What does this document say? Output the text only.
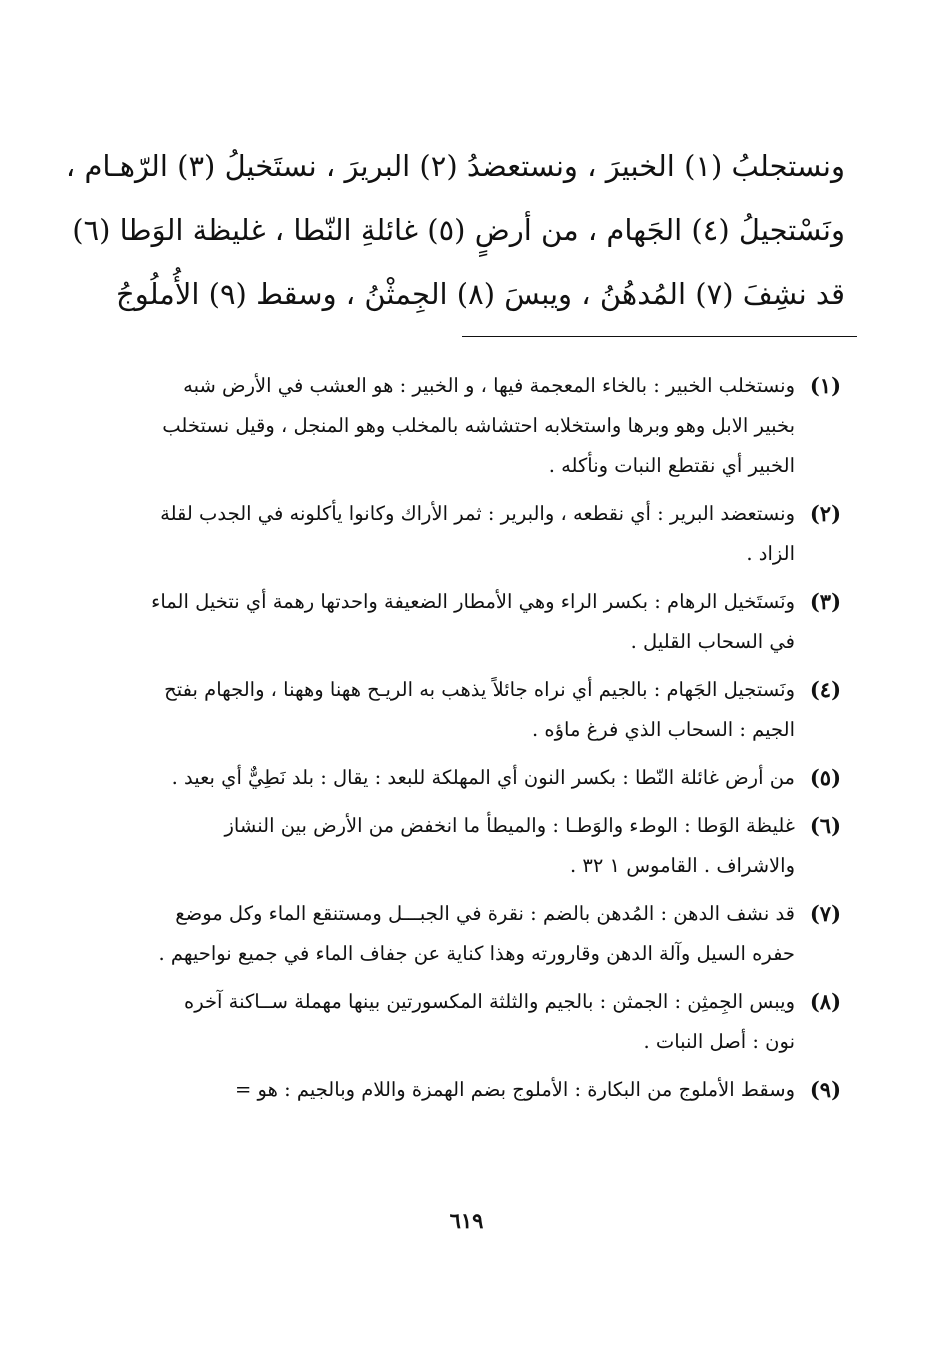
ونستجلبُ (١) الخبيرَ ، ونستعضدُ (٢) البريرَ ، نستَخيلُ (٣) الرّهـام ،
ونَسْتجيلُ (٤) الجَهام ، من أرضٍ (٥) غائلةِ النّطا ، غليظة الوَطا (٦)
قد نشِفَ (٧) المُدهُنُ ، ويبسَ (٨) الجِمثْنُ ، وسقط (٩) الأُملُوجُ
(١)
ونستخلب الخبير : بالخاء المعجمة فيها ، و الخبير : هو العشب في الأرض شبه بخبير الابل وهو وبرها واستخلابه احتشاشه بالمخلب وهو المنجل ، وقيل نستخلب الخبير أي نقتطع النبات ونأكله .
(٢)
ونستعضد البرير : أي نقطعه ، والبرير : ثمر الأراك وكانوا يأكلونه في الجدب لقلة الزاد .
(٣)
ونَستَخيل الرهام : بكسر الراء وهي الأمطار الضعيفة واحدتها رهمة أي نتخيل الماء في السحاب القليل .
(٤)
ونَستجيل الجَهام : بالجيم أي نراه جائلاً يذهب به الريـح ههنا وههنا ، والجهام بفتح الجيم : السحاب الذي فرغ ماؤه .
(٥)
من أرض غائلة النّطا : بكسر النون أي المهلكة للبعد : يقال : بلد نَطِيٌّ أي بعيد .
(٦)
غليظة الوَطا : الوطء والوَطـا : والميطأ ما انخفض من الأرض بين النشاز والاشراف . القاموس ١ ٣٢ .
(٧)
قد نشف الدهن : المُدهن بالضم : نقرة في الجبـــل ومستنقع الماء وكل موضع حفره السيل وآلة الدهن وقارورته وهذا كناية عن جفاف الماء في جميع نواحيهم .
(٨)
ويبس الجِمثِن : الجمثن : بالجيم والثلثة المكسورتين بينها مهملة ســاكنة آخره نون : أصل النبات .
(٩)
وسقط الأملوج من البكارة : الأملوج بضم الهمزة واللام وبالجيم : هو =
٦١٩
